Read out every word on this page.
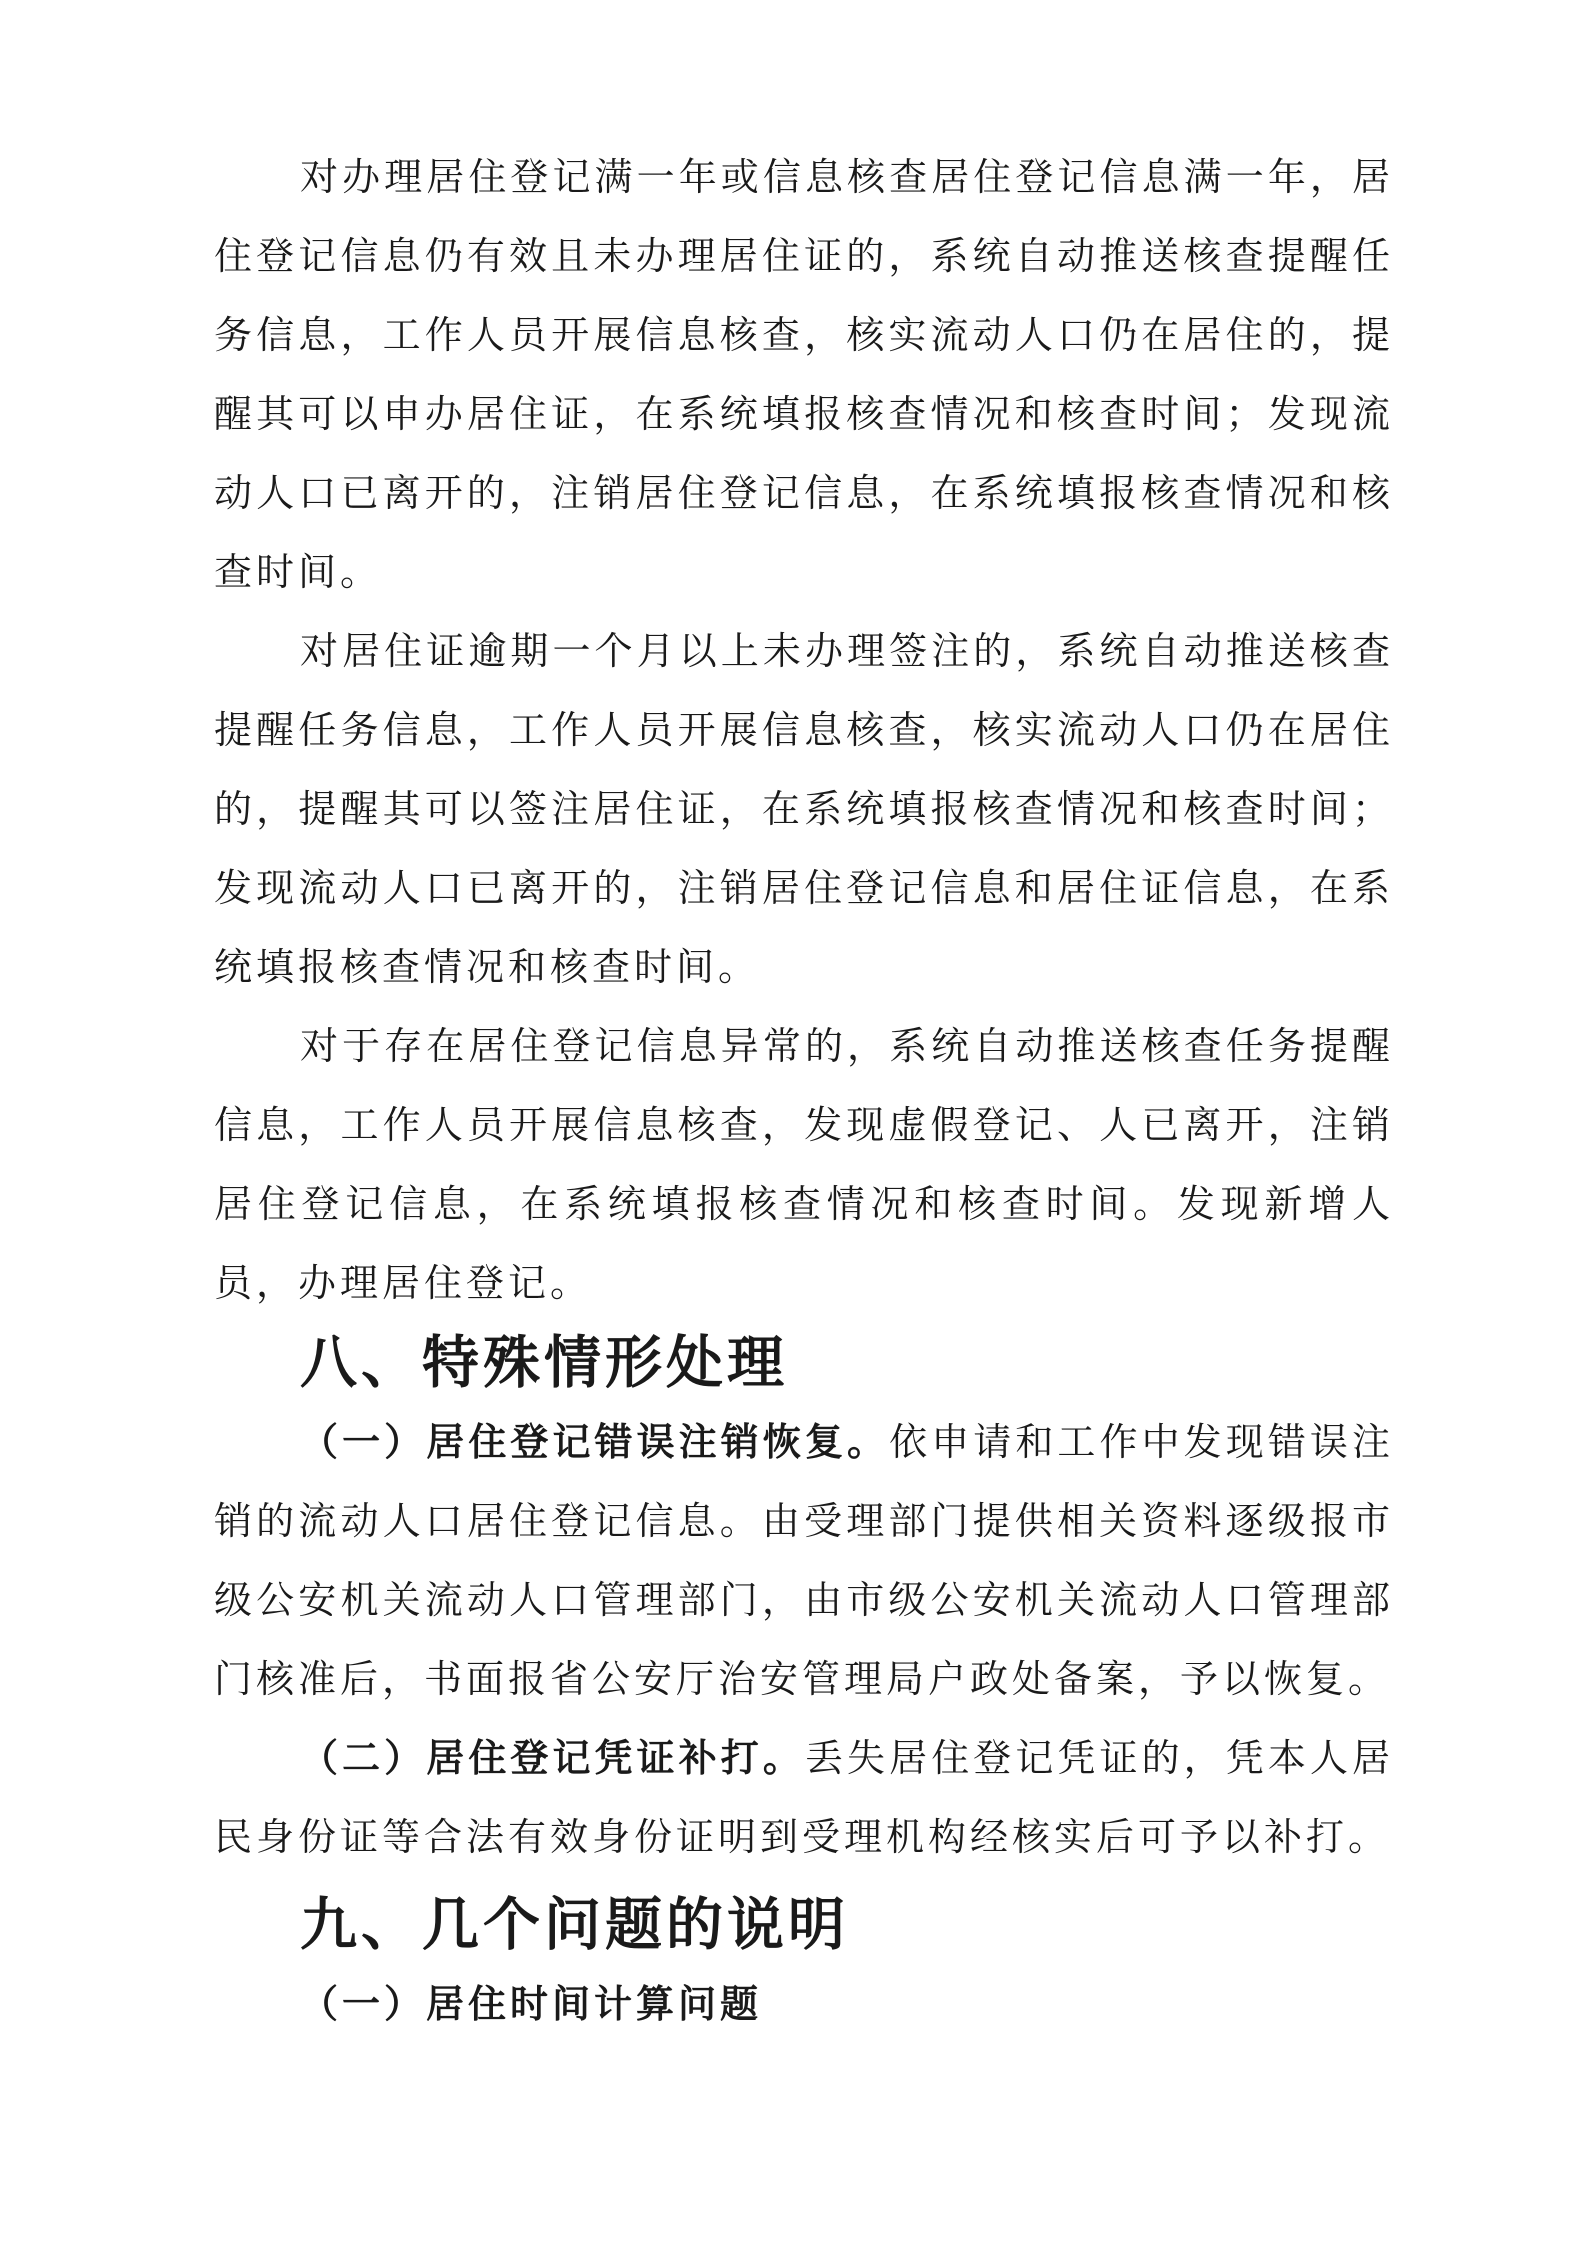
对办理居住登记满一年或信息核查居住登记信息满一年，居住登记信息仍有效且未办理居住证的，系统自动推送核查提醒任务信息，工作人员开展信息核查，核实流动人口仍在居住的，提醒其可以申办居住证，在系统填报核查情况和核查时间；发现流动人口已离开的，注销居住登记信息，在系统填报核查情况和核查时间。

对居住证逾期一个月以上未办理签注的，系统自动推送核查提醒任务信息，工作人员开展信息核查，核实流动人口仍在居住的，提醒其可以签注居住证，在系统填报核查情况和核查时间；发现流动人口已离开的，注销居住登记信息和居住证信息，在系统填报核查情况和核查时间。

对于存在居住登记信息异常的，系统自动推送核查任务提醒信息，工作人员开展信息核查，发现虚假登记、人已离开，注销居住登记信息，在系统填报核查情况和核查时间。发现新增人员，办理居住登记。

八、特殊情形处理

（一）居住登记错误注销恢复。依申请和工作中发现错误注销的流动人口居住登记信息。由受理部门提供相关资料逐级报市级公安机关流动人口管理部门，由市级公安机关流动人口管理部门核准后，书面报省公安厅治安管理局户政处备案，予以恢复。

（二）居住登记凭证补打。丢失居住登记凭证的，凭本人居民身份证等合法有效身份证明到受理机构经核实后可予以补打。

九、几个问题的说明

（一）居住时间计算问题
